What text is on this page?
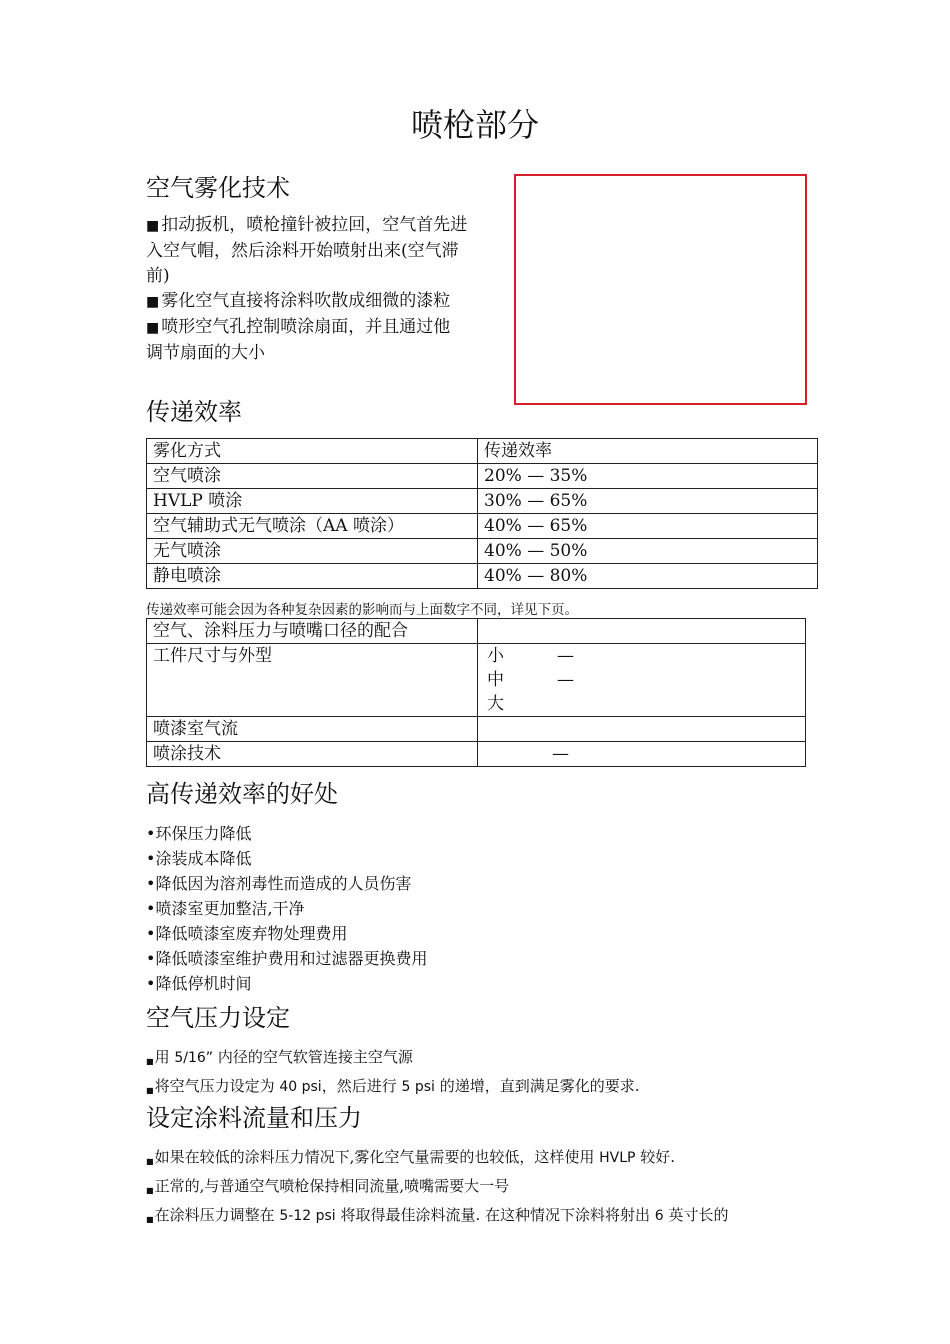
喷枪部分
空气雾化技术
■ 扣动扳机，喷枪撞针被拉回，空气首先进
入空气帽，然后涂料开始喷射出来(空气滞
前)
■ 雾化空气直接将涂料吹散成细微的漆粒
■ 喷形空气孔控制喷涂扇面，并且通过他
调节扇面的大小
传递效率
雾化方式	传递效率
空气喷涂	20% — 35%
HVLP 喷涂	30% — 65%
空气辅助式无气喷涂（AA 喷涂）	40% — 65%
无气喷涂	40% — 50%
静电喷涂	40% — 80%
传递效率可能会因为各种复杂因素的影响而与上面数字不同，详见下页。
空气、涂料压力与喷嘴口径的配合	
工件尺寸与外型	小 —
中 —
大

喷漆室气流	
喷涂技术	—
高传递效率的好处
•环保压力降低
•涂装成本降低
•降低因为溶剂毒性而造成的人员伤害
•喷漆室更加整洁,干净
•降低喷漆室废弃物处理费用
•降低喷漆室维护费用和过滤器更换费用
•降低停机时间
空气压力设定
■用 5/16” 内径的空气软管连接主空气源
■将空气压力设定为 40 psi，然后进行 5 psi 的递增，直到满足雾化的要求.
设定涂料流量和压力
■如果在较低的涂料压力情况下,雾化空气量需要的也较低，这样使用 HVLP 较好.
■正常的,与普通空气喷枪保持相同流量,喷嘴需要大一号
■在涂料压力调整在 5-12 psi 将取得最佳涂料流量. 在这种情况下涂料将射出 6 英寸长的
